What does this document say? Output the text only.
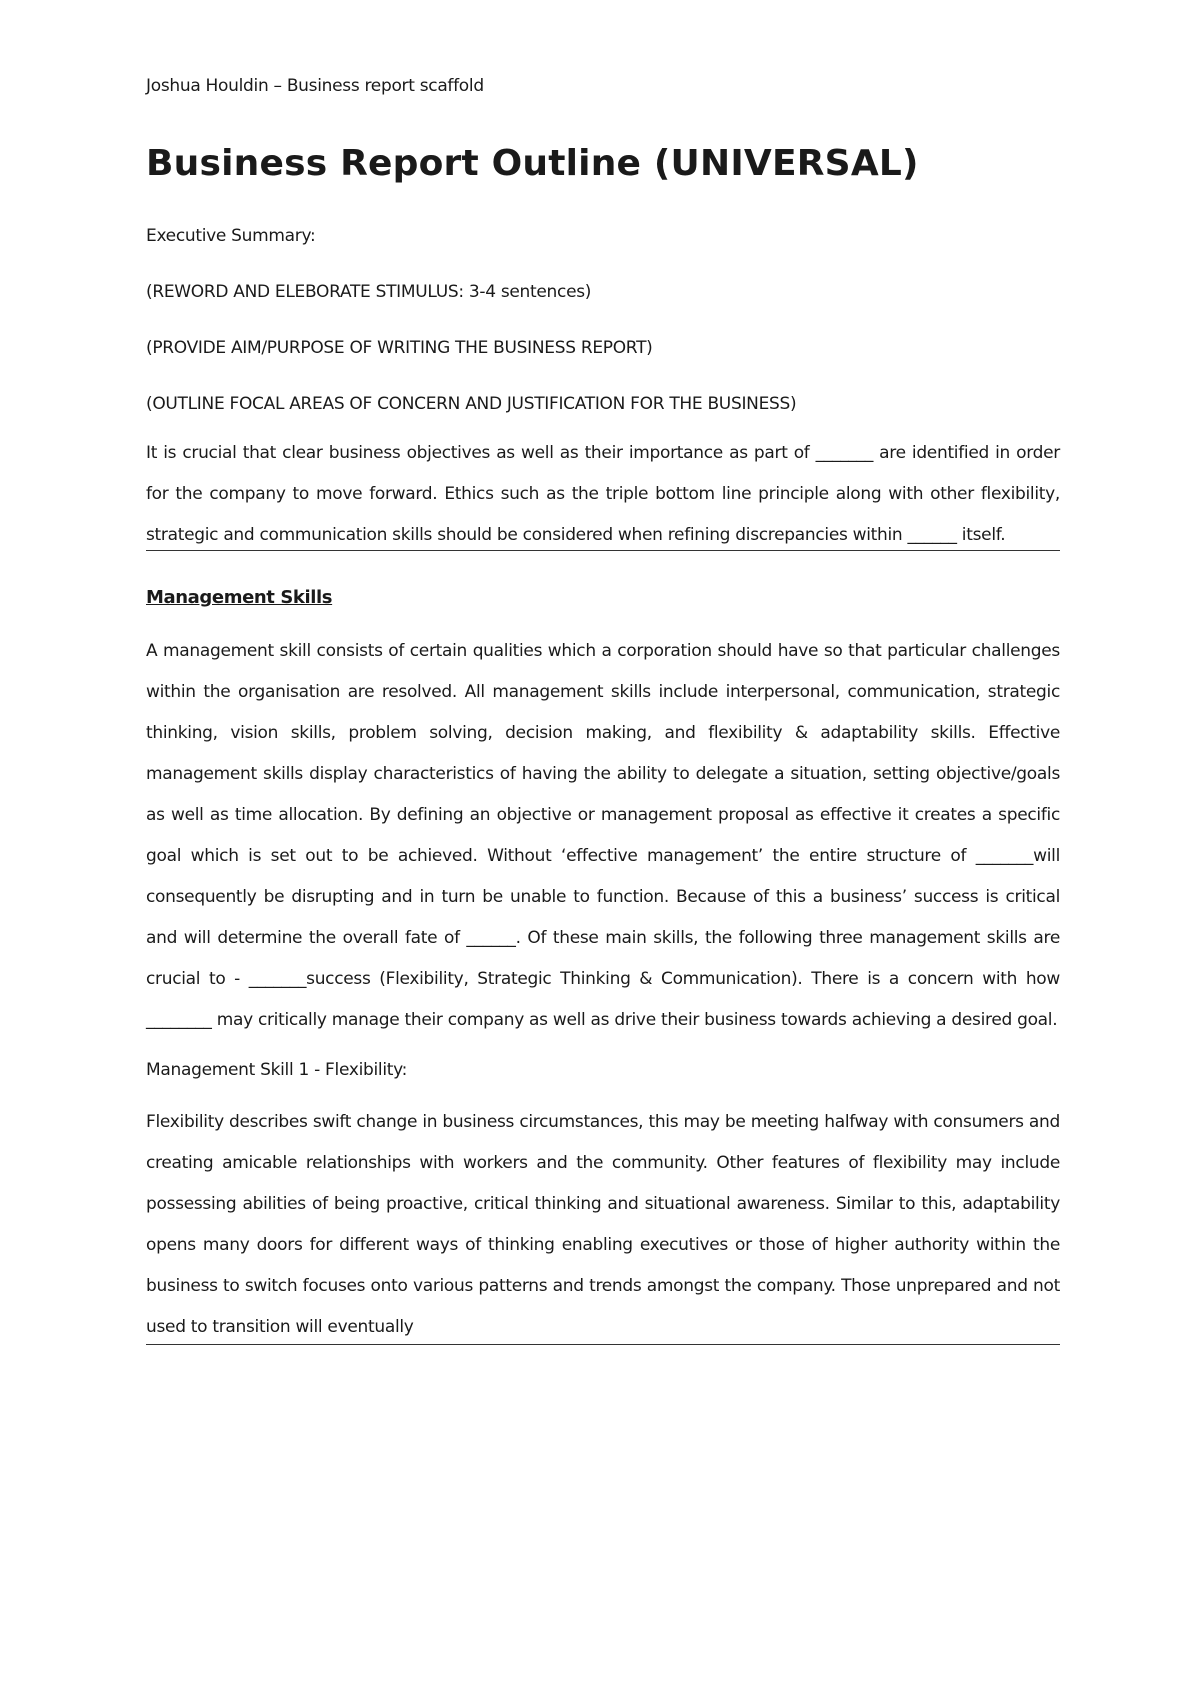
Joshua Houldin – Business report scaffold

Business Report Outline (UNIVERSAL)

Executive Summary:

(REWORD AND ELEBORATE STIMULUS: 3-4 sentences)

(PROVIDE AIM/PURPOSE OF WRITING THE BUSINESS REPORT)

(OUTLINE FOCAL AREAS OF CONCERN AND JUSTIFICATION FOR THE BUSINESS)

It is crucial that clear business objectives as well as their importance as part of _______ are identified in order for the company to move forward. Ethics such as the triple bottom line principle along with other flexibility, strategic and communication skills should be considered when refining discrepancies within ______ itself.

Management Skills

A management skill consists of certain qualities which a corporation should have so that particular challenges within the organisation are resolved. All management skills include interpersonal, communication, strategic thinking, vision skills, problem solving, decision making, and flexibility & adaptability skills. Effective management skills display characteristics of having the ability to delegate a situation, setting objective/goals as well as time allocation. By defining an objective or management proposal as effective it creates a specific goal which is set out to be achieved. Without ‘effective management’ the entire structure of _______will consequently be disrupting and in turn be unable to function. Because of this a business’ success is critical and will determine the overall fate of ______. Of these main skills, the following three management skills are crucial to - _______success (Flexibility, Strategic Thinking & Communication). There is a concern with how ________ may critically manage their company as well as drive their business towards achieving a desired goal.

Management Skill 1 - Flexibility:

Flexibility describes swift change in business circumstances, this may be meeting halfway with consumers and creating amicable relationships with workers and the community. Other features of flexibility may include possessing abilities of being proactive, critical thinking and situational awareness. Similar to this, adaptability opens many doors for different ways of thinking enabling executives or those of higher authority within the business to switch focuses onto various patterns and trends amongst the company. Those unprepared and not used to transition will eventually
